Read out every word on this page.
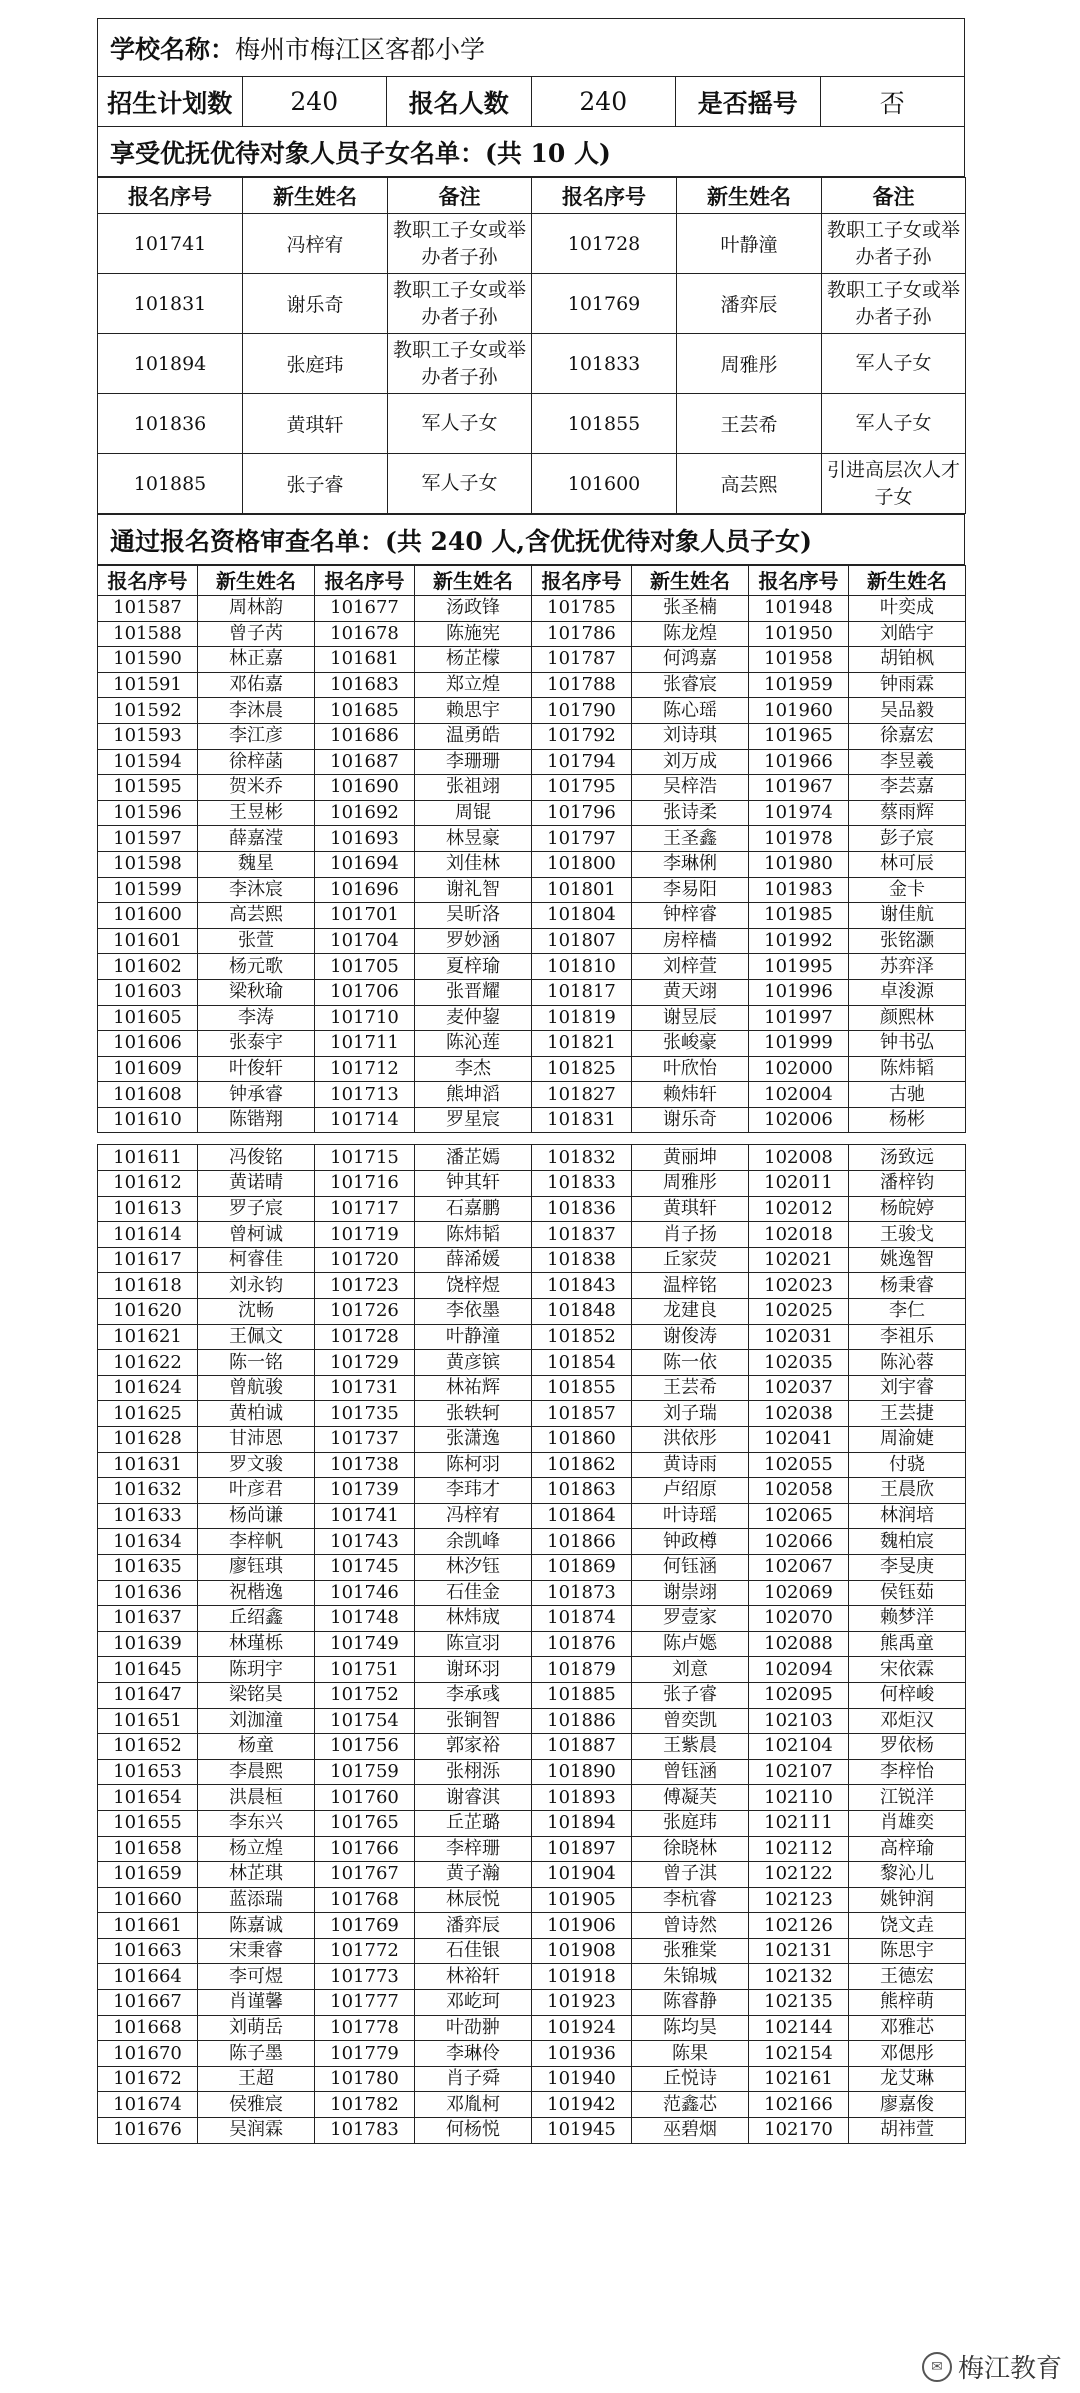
学校名称：梅州市梅江区客都小学
招生计划数	240	报名人数	240	是否摇号	否
享受优抚优待对象人员子女名单：(共 10 人)
报名序号	新生姓名	备注	报名序号	新生姓名	备注
101741	冯梓宥	教职工子女或举办者子孙	101728	叶静潼	教职工子女或举办者子孙
101831	谢乐奇	教职工子女或举办者子孙	101769	潘弈辰	教职工子女或举办者子孙
101894	张庭玮	教职工子女或举办者子孙	101833	周雅彤	军人子女
101836	黄琪轩	军人子女	101855	王芸希	军人子女
101885	张子睿	军人子女	101600	高芸熙	引进高层次人才子女
通过报名资格审查名单：(共 240 人,含优抚优待对象人员子女)
报名序号	新生姓名	报名序号	新生姓名	报名序号	新生姓名	报名序号	新生姓名
101587	周林韵	101677	汤政锋	101785	张圣楠	101948	叶奕成
101588	曾子芮	101678	陈施宪	101786	陈龙煌	101950	刘皓宇
101590	林正嘉	101681	杨芷檬	101787	何鸿嘉	101958	胡铂枫
101591	邓佑嘉	101683	郑立煌	101788	张睿宸	101959	钟雨霖
101592	李沐晨	101685	赖思宇	101790	陈心瑶	101960	吴品毅
101593	李江彦	101686	温勇皓	101792	刘诗琪	101965	徐嘉宏
101594	徐梓菡	101687	李珊珊	101794	刘万成	101966	李昱羲
101595	贺米乔	101690	张祖翊	101795	吴梓浩	101967	李芸嘉
101596	王昱彬	101692	周锟	101796	张诗柔	101974	蔡雨辉
101597	薛嘉滢	101693	林昱豪	101797	王圣鑫	101978	彭子宸
101598	魏星	101694	刘佳林	101800	李琳俐	101980	林可辰
101599	李沐宸	101696	谢礼智	101801	李易阳	101983	金卡
101600	高芸熙	101701	吴昕洛	101804	钟梓睿	101985	谢佳航
101601	张萱	101704	罗妙涵	101807	房梓樯	101992	张铭灏
101602	杨元歌	101705	夏梓瑜	101810	刘梓萱	101995	苏弈泽
101603	梁秋瑜	101706	张晋耀	101817	黄天翊	101996	卓浚源
101605	李涛	101710	麦仲鋆	101819	谢昱辰	101997	颜熙林
101606	张泰宇	101711	陈沁莲	101821	张峻豪	101999	钟书弘
101609	叶俊轩	101712	李杰	101825	叶欣怡	102000	陈炜韬
101608	钟承睿	101713	熊坤滔	101827	赖炜轩	102004	古驰
101610	陈锴翔	101714	罗星宸	101831	谢乐奇	102006	杨彬

101611	冯俊铭	101715	潘芷嫣	101832	黄丽坤	102008	汤致远
101612	黄诺晴	101716	钟其轩	101833	周雅彤	102011	潘梓钧
101613	罗子宸	101717	石嘉鹏	101836	黄琪轩	102012	杨皖婷
101614	曾柯诚	101719	陈炜韬	101837	肖子扬	102018	王骏戈
101617	柯睿佳	101720	薛浠媛	101838	丘家荧	102021	姚逸智
101618	刘永钧	101723	饶梓煜	101843	温梓铭	102023	杨秉睿
101620	沈畅	101726	李依墨	101848	龙建良	102025	李仁
101621	王佩文	101728	叶静潼	101852	谢俊涛	102031	李祖乐
101622	陈一铭	101729	黄彦镔	101854	陈一依	102035	陈沁蓉
101624	曾航骏	101731	林祐辉	101855	王芸希	102037	刘宇睿
101625	黄柏诚	101735	张轶轲	101857	刘子瑞	102038	王芸捷
101628	甘沛恩	101737	张潇逸	101860	洪依彤	102041	周渝婕
101631	罗文骏	101738	陈柯羽	101862	黄诗雨	102055	付骁
101632	叶彦君	101739	李玮才	101863	卢绍原	102058	王晨欣
101633	杨尚谦	101741	冯梓宥	101864	叶诗瑶	102065	林润培
101634	李梓帆	101743	余凯峰	101866	钟政樽	102066	魏柏宸
101635	廖钰琪	101745	林汐钰	101869	何钰涵	102067	李旻庚
101636	祝楷逸	101746	石佳金	101873	谢崇翊	102069	侯钰茹
101637	丘绍鑫	101748	林炜宬	101874	罗壹家	102070	赖梦洋
101639	林瑾栎	101749	陈宣羽	101876	陈卢嫕	102088	熊禹童
101645	陈玥宇	101751	谢环羽	101879	刘意	102094	宋依霖
101647	梁铭昊	101752	李承彧	101885	张子睿	102095	何梓峻
101651	刘泇潼	101754	张锏智	101886	曾奕凯	102103	邓炬汉
101652	杨童	101756	郭家裕	101887	王紫晨	102104	罗依杨
101653	李晨熙	101759	张栩泺	101890	曾钰涵	102107	李梓怡
101654	洪晨桓	101760	谢睿淇	101893	傅凝芙	102110	江锐洋
101655	李东兴	101765	丘芷璐	101894	张庭玮	102111	肖雄奕
101658	杨立煌	101766	李梓珊	101897	徐晓林	102112	高梓瑜
101659	林芷琪	101767	黄子瀚	101904	曾子淇	102122	黎沁儿
101660	蓝添瑞	101768	林辰悦	101905	李杭睿	102123	姚钟润
101661	陈嘉诚	101769	潘弈辰	101906	曾诗然	102126	饶文垚
101663	宋秉睿	101772	石佳银	101908	张雅棠	102131	陈思宇
101664	李可煜	101773	林裕轩	101918	朱锦城	102132	王德宏
101667	肖谨馨	101777	邓屹珂	101923	陈睿静	102135	熊梓萌
101668	刘萌岳	101778	叶劭翀	101924	陈均昊	102144	邓雅芯
101670	陈子墨	101779	李琳伶	101936	陈果	102154	邓偲彤
101672	王超	101780	肖子舜	101940	丘悦诗	102161	龙艾琳
101674	侯雅宸	101782	邓胤柯	101942	范鑫芯	102166	廖嘉俊
101676	吴润霖	101783	何杨悦	101945	巫碧烟	102170	胡祎萱
✉ 梅江教育
